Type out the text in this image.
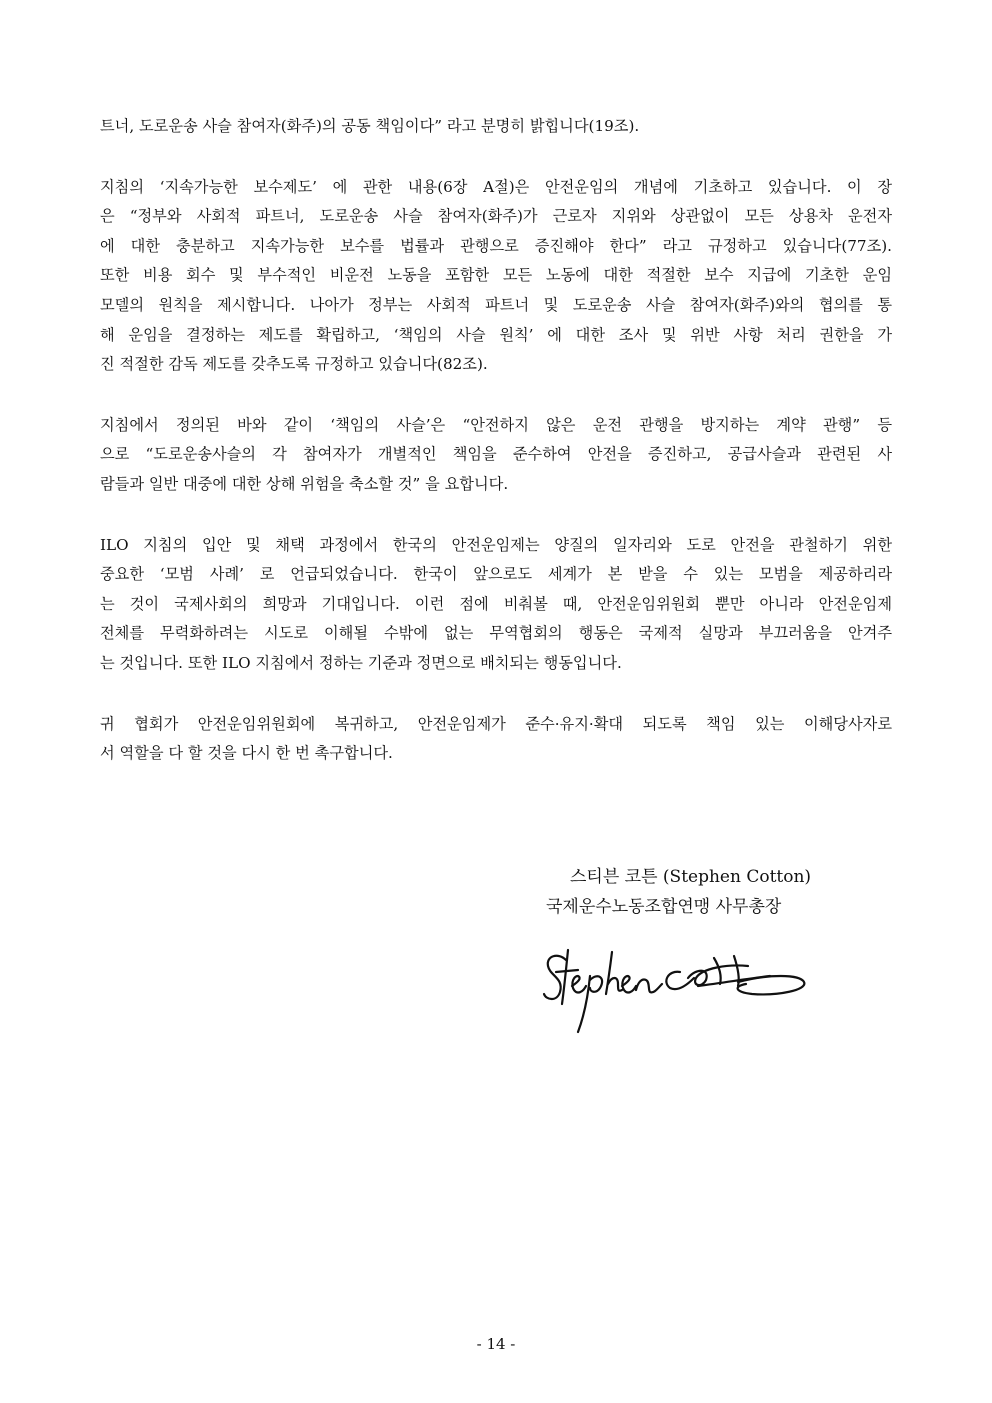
트너, 도로운송 사슬 참여자(화주)의 공동 책임이다” 라고 분명히 밝힙니다(19조).

지침의 ‘지속가능한 보수제도’ 에 관한 내용(6장 A절)은 안전운임의 개념에 기초하고 있습니다. 이 장
은 “정부와 사회적 파트너, 도로운송 사슬 참여자(화주)가 근로자 지위와 상관없이 모든 상용차 운전자
에 대한 충분하고 지속가능한 보수를 법률과 관행으로 증진해야 한다” 라고 규정하고 있습니다(77조).
또한 비용 회수 및 부수적인 비운전 노동을 포함한 모든 노동에 대한 적절한 보수 지급에 기초한 운임
모델의 원칙을 제시합니다. 나아가 정부는 사회적 파트너 및 도로운송 사슬 참여자(화주)와의 협의를 통
해 운임을 결정하는 제도를 확립하고, ‘책임의 사슬 원칙’ 에 대한 조사 및 위반 사항 처리 권한을 가
진 적절한 감독 제도를 갖추도록 규정하고 있습니다(82조).

지침에서 정의된 바와 같이 ‘책임의 사슬’은 “안전하지 않은 운전 관행을 방지하는 계약 관행” 등
으로 “도로운송사슬의 각 참여자가 개별적인 책임을 준수하여 안전을 증진하고, 공급사슬과 관련된 사
람들과 일반 대중에 대한 상해 위험을 축소할 것” 을 요합니다.

ILO 지침의 입안 및 채택 과정에서 한국의 안전운임제는 양질의 일자리와 도로 안전을 관철하기 위한
중요한 ‘모범 사례’ 로 언급되었습니다. 한국이 앞으로도 세계가 본 받을 수 있는 모범을 제공하리라
는 것이 국제사회의 희망과 기대입니다. 이런 점에 비춰볼 때, 안전운임위원회 뿐만 아니라 안전운임제
전체를 무력화하려는 시도로 이해될 수밖에 없는 무역협회의 행동은 국제적 실망과 부끄러움을 안겨주
는 것입니다. 또한 ILO 지침에서 정하는 기준과 정면으로 배치되는 행동입니다.

귀 협회가 안전운임위원회에 복귀하고, 안전운임제가 준수·유지·확대 되도록 책임 있는 이해당사자로
서 역할을 다 할 것을 다시 한 번 촉구합니다.

스티븐 코튼 (Stephen Cotton)
국제운수노동조합연맹 사무총장
- 14 -
